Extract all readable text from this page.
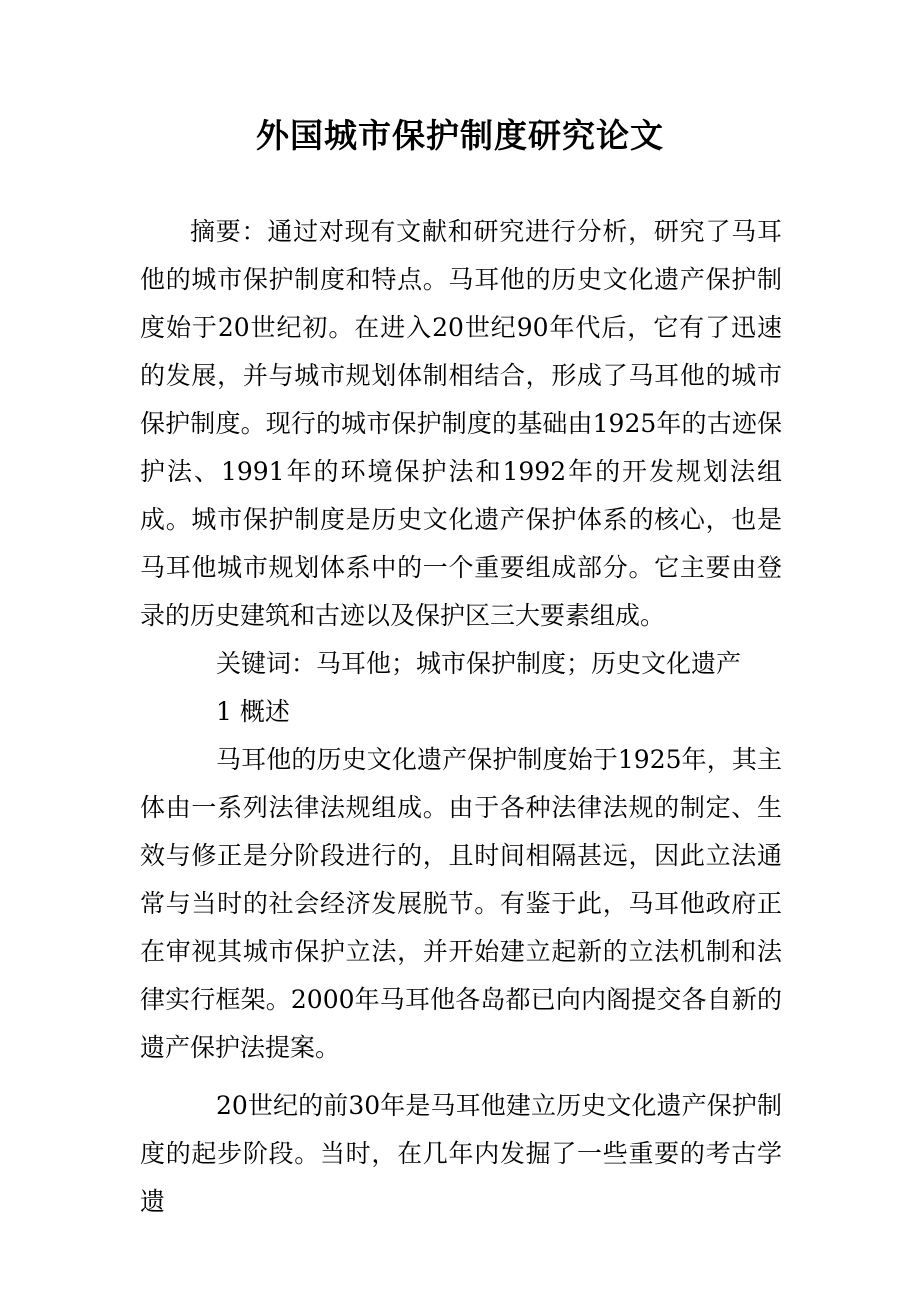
外国城市保护制度研究论文

摘要：通过对现有文献和研究进行分析，研究了马耳他的城市保护制度和特点。马耳他的历史文化遗产保护制度始于20世纪初。在进入20世纪90年代后，它有了迅速的发展，并与城市规划体制相结合，形成了马耳他的城市保护制度。现行的城市保护制度的基础由1925年的古迹保护法、1991年的环境保护法和1992年的开发规划法组成。城市保护制度是历史文化遗产保护体系的核心，也是马耳他城市规划体系中的一个重要组成部分。它主要由登录的历史建筑和古迹以及保护区三大要素组成。

关键词：马耳他；城市保护制度；历史文化遗产

1 概述

马耳他的历史文化遗产保护制度始于1925年，其主体由一系列法律法规组成。由于各种法律法规的制定、生效与修正是分阶段进行的，且时间相隔甚远，因此立法通常与当时的社会经济发展脱节。有鉴于此，马耳他政府正在审视其城市保护立法，并开始建立起新的立法机制和法律实行框架。2000年马耳他各岛都已向内阁提交各自新的遗产保护法提案。

20世纪的前30年是马耳他建立历史文化遗产保护制度的起步阶段。当时，在几年内发掘了一些重要的考古学遗
